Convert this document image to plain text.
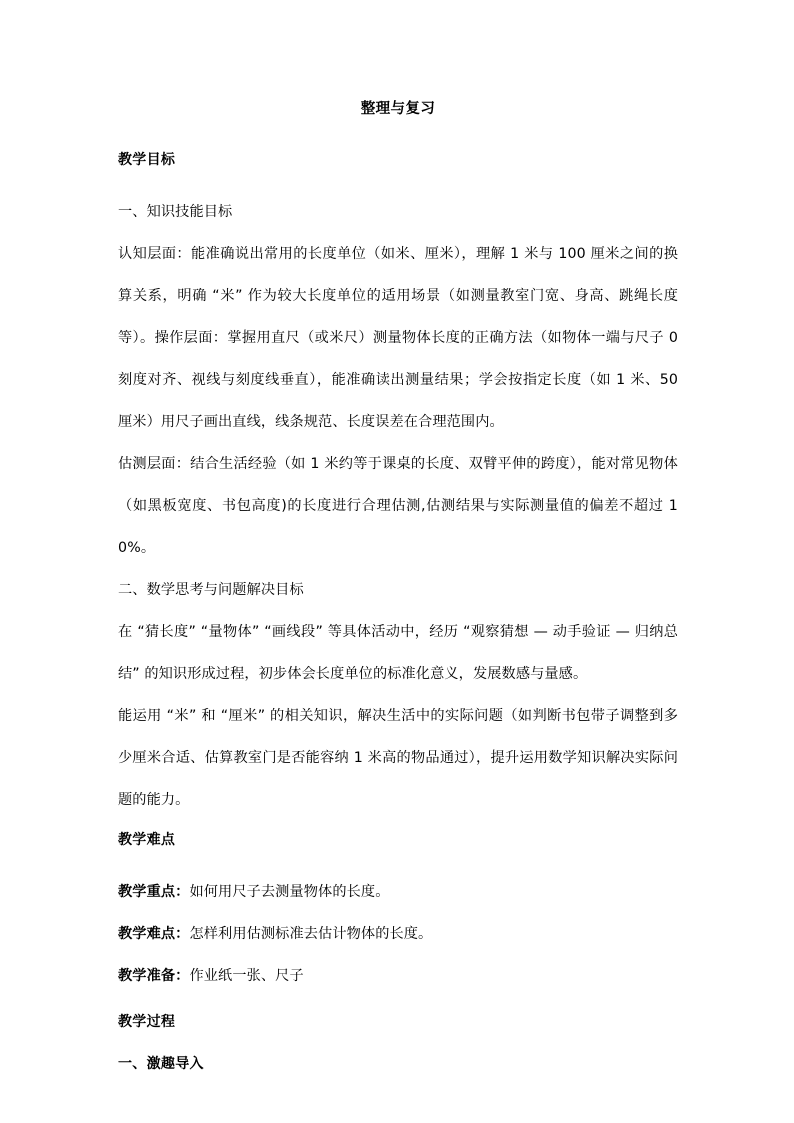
整理与复习

教学目标

一、知识技能目标

认知层面：能准确说出常用的长度单位（如米、厘米），理解 1 米与 100 厘米之间的换算关系，明确 “米” 作为较大长度单位的适用场景（如测量教室门宽、身高、跳绳长度等）。操作层面：掌握用直尺（或米尺）测量物体长度的正确方法（如物体一端与尺子 0 刻度对齐、视线与刻度线垂直），能准确读出测量结果；学会按指定长度（如 1 米、50 厘米）用尺子画出直线，线条规范、长度误差在合理范围内。

估测层面：结合生活经验（如 1 米约等于课桌的长度、双臂平伸的跨度），能对常见物体（如黑板宽度、书包高度)的长度进行合理估测,估测结果与实际测量值的偏差不超过 10%。

二、数学思考与问题解决目标

在 “猜长度” “量物体” “画线段” 等具体活动中，经历 “观察猜想 — 动手验证 — 归纳总结” 的知识形成过程，初步体会长度单位的标准化意义，发展数感与量感。

能运用 “米” 和 “厘米” 的相关知识，解决生活中的实际问题（如判断书包带子调整到多少厘米合适、估算教室门是否能容纳 1 米高的物品通过），提升运用数学知识解决实际问题的能力。

教学难点

教学重点：如何用尺子去测量物体的长度。

教学难点：怎样利用估测标准去估计物体的长度。

教学准备：作业纸一张、尺子

教学过程

一、激趣导入
